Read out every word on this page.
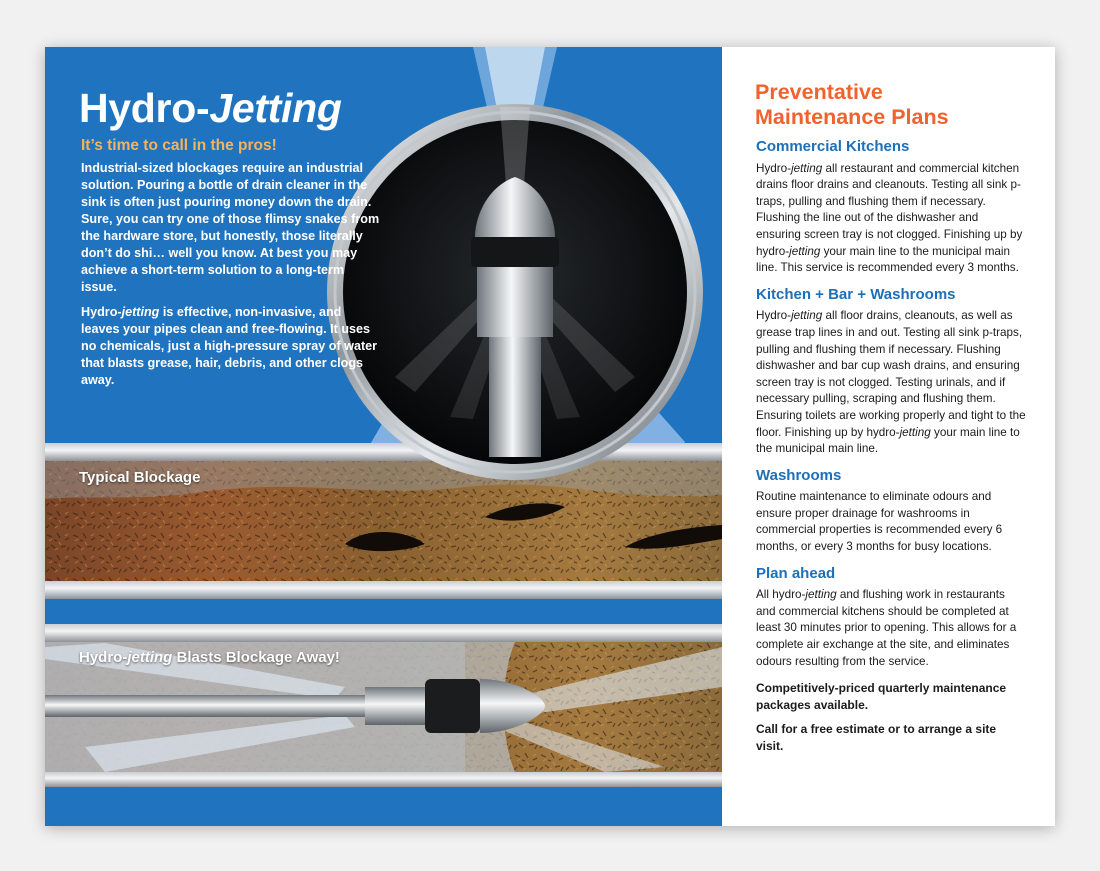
Hydro-Jetting

It’s time to call in the pros!

Industrial-sized blockages require an industrial solution. Pouring a bottle of drain cleaner in the sink is often just pouring money down the drain. Sure, you can try one of those flimsy snakes from the hardware store, but honestly, those literally don’t do shi… well you know. At best you may achieve a short-term solution to a long-term issue.

Hydro-jetting is effective, non-invasive, and leaves your pipes clean and free-flowing. It uses no chemicals, just a high-pressure spray of water that blasts grease, hair, debris, and other clogs away.

Typical Blockage
Hydro-jetting Blasts Blockage Away!
Preventative
Maintenance Plans
Commercial Kitchens

Hydro-jetting all restaurant and commercial kitchen drains floor drains and cleanouts. Testing all sink p-traps, pulling and flushing them if necessary. Flushing the line out of the dishwasher and ensuring screen tray is not clogged. Finishing up by hydro-jetting your main line to the municipal main line. This service is recommended every 3 months.

Kitchen + Bar + Washrooms

Hydro-jetting all floor drains, cleanouts, as well as grease trap lines in and out. Testing all sink p-traps, pulling and flushing them if necessary. Flushing dishwasher and bar cup wash drains, and ensuring screen tray is not clogged. Testing urinals, and if necessary pulling, scraping and flushing them. Ensuring toilets are working properly and tight to the floor. Finishing up by hydro-jetting your main line to the municipal main line.

Washrooms

Routine maintenance to eliminate odours and ensure proper drainage for washrooms in commercial properties is recommended every 6 months, or every 3 months for busy locations.

Plan ahead

All hydro-jetting and flushing work in restaurants and commercial kitchens should be completed at least 30 minutes prior to opening. This allows for a complete air exchange at the site, and eliminates odours resulting from the service.

Competitively-priced quarterly maintenance packages available.

Call for a free estimate or to arrange a site visit.
